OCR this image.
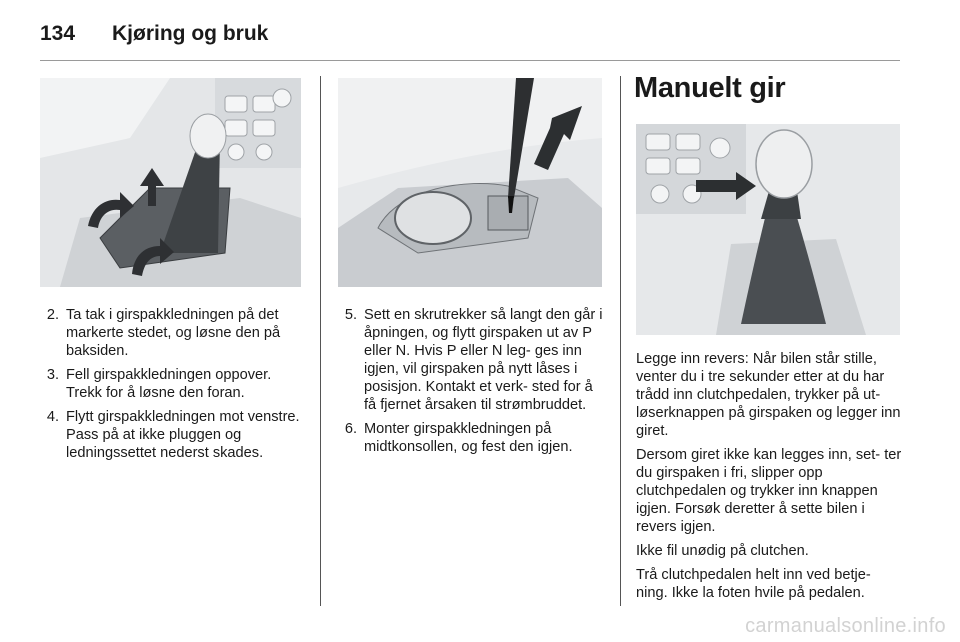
134	Kjøring og bruk
2. Ta tak i girspakkledningen på det markerte stedet, og løsne den på baksiden.
3. Fell girspakkledningen oppover. Trekk for å løsne den foran.
4. Flytt girspakkledningen mot venstre. Pass på at ikke pluggen og ledningssettet nederst skades.
5. Sett en skrutrekker så langt den går i åpningen, og flytt girspaken ut av P eller N. Hvis P eller N leg- ges inn igjen, vil girspaken på nytt låses i posisjon. Kontakt et verk- sted for å få fjernet årsaken til strømbruddet.
6. Monter girspakkledningen på midtkonsollen, og fest den igjen.
Manuelt gir

Legge inn revers: Når bilen står stille, venter du i tre sekunder etter at du har trådd inn clutchpedalen, trykker på ut- løserknappen på girspaken og legger inn giret.

Dersom giret ikke kan legges inn, set- ter du girspaken i fri, slipper opp clutchpedalen og trykker inn knappen igjen. Forsøk deretter å sette bilen i revers igjen.

Ikke fil unødig på clutchen.

Trå clutchpedalen helt inn ved betje- ning. Ikke la foten hvile på pedalen.

carmanualsonline.info
